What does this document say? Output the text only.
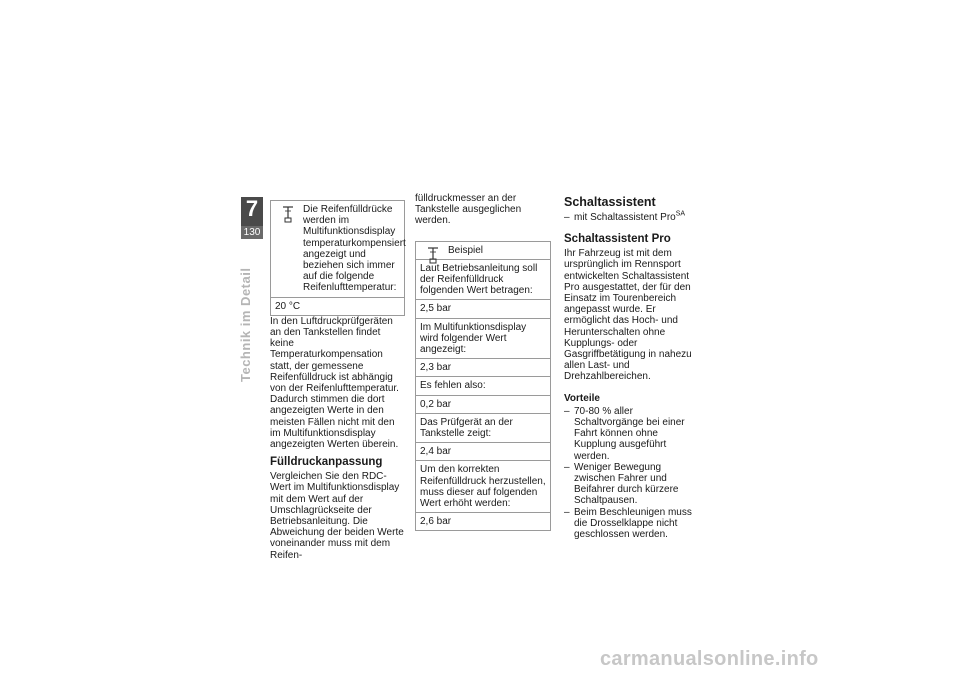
7
130
Technik im Detail
Die Reifenfülldrücke werden im Multifunktionsdisplay temperaturkompensiert angezeigt und beziehen sich immer auf die folgende Reifenlufttemperatur:
20 °C

In den Luftdruckprüfgeräten an den Tankstellen findet keine Temperaturkompensation statt, der gemessene Reifenfülldruck ist abhängig von der Reifenlufttemperatur. Dadurch stimmen die dort angezeigten Werte in den meisten Fällen nicht mit den im Multifunktionsdisplay angezeigten Werten überein.

Fülldruckanpassung

Vergleichen Sie den RDC-Wert im Multifunktionsdisplay mit dem Wert auf der Umschlagrückseite der Betriebsanleitung. Die Abweichung der beiden Werte voneinander muss mit dem Reifen-

fülldruckmesser an der Tankstelle ausgeglichen werden.

Beispiel
Laut Betriebsanleitung soll der Reifenfülldruck folgenden Wert betragen:
2,5 bar
Im Multifunktionsdisplay wird folgender Wert angezeigt:
2,3 bar
Es fehlen also:
0,2 bar
Das Prüfgerät an der Tankstelle zeigt:
2,4 bar
Um den korrekten Reifenfülldruck herzustellen, muss dieser auf folgenden Wert erhöht werden:
2,6 bar
Schaltassistent

– mit Schaltassistent Pro$^{SA}$

Schaltassistent Pro

Ihr Fahrzeug ist mit dem ursprünglich im Rennsport entwickelten Schaltassistent Pro ausgestattet, der für den Einsatz im Tourenbereich angepasst wurde. Er ermöglicht das Hoch- und Herunterschalten ohne Kupplungs- oder Gasgriffbetätigung in nahezu allen Last- und Drehzahlbereichen.

Vorteile

– 70-80 % aller Schaltvorgänge bei einer Fahrt können ohne Kupplung ausgeführt werden.

– Weniger Bewegung zwischen Fahrer und Beifahrer durch kürzere Schaltpausen.

– Beim Beschleunigen muss die Drosselklappe nicht geschlossen werden.

carmanualsonline.info
